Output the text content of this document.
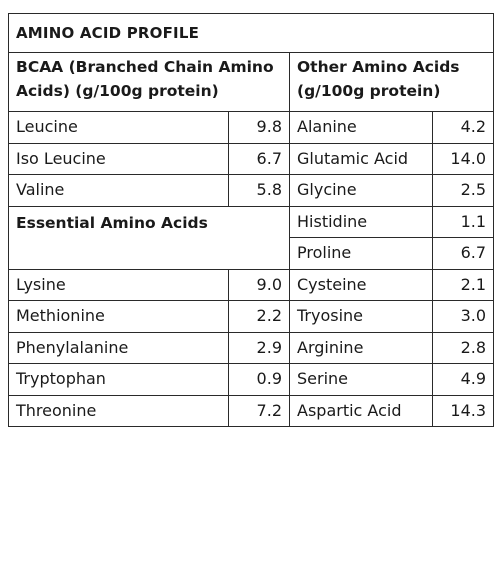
AMINO ACID PROFILE			
BCAA (Branched Chain Amino Acids) (g/100g protein)		Other Amino Acids (g/100g protein)	
Leucine	9.8	Alanine	4.2
Iso Leucine	6.7	Glutamic Acid	14.0
Valine	5.8	Glycine	2.5
Essential Amino Acids		Histidine	1.1
		Proline	6.7
Lysine	9.0	Cysteine	2.1
Methionine	2.2	Tryosine	3.0
Phenylalanine	2.9	Arginine	2.8
Tryptophan	0.9	Serine	4.9
Threonine	7.2	Aspartic Acid	14.3
